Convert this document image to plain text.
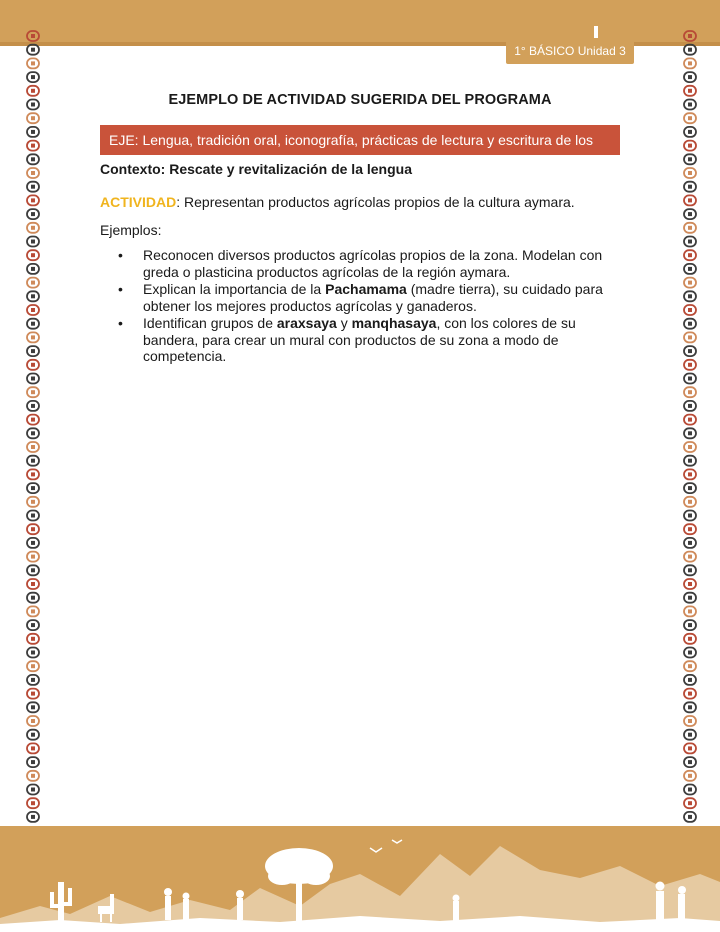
1° BÁSICO Unidad 3
EJEMPLO DE ACTIVIDAD SUGERIDA DEL PROGRAMA
EJE: Lengua, tradición oral, iconografía, prácticas de lectura y escritura de los
Contexto: Rescate y revitalización de la lengua
ACTIVIDAD: Representan productos agrícolas propios de la cultura aymara.
Ejemplos:
• Reconocen diversos productos agrícolas propios de la zona. Modelan con greda o plasticina productos agrícolas de la región aymara.
• Explican la importancia de la Pachamama (madre tierra), su cuidado para obtener los mejores productos agrícolas y ganaderos.
• Identifican grupos de araxsaya y manqhasaya, con los colores de su bandera, para crear un mural con productos de su zona a modo de competencia.
